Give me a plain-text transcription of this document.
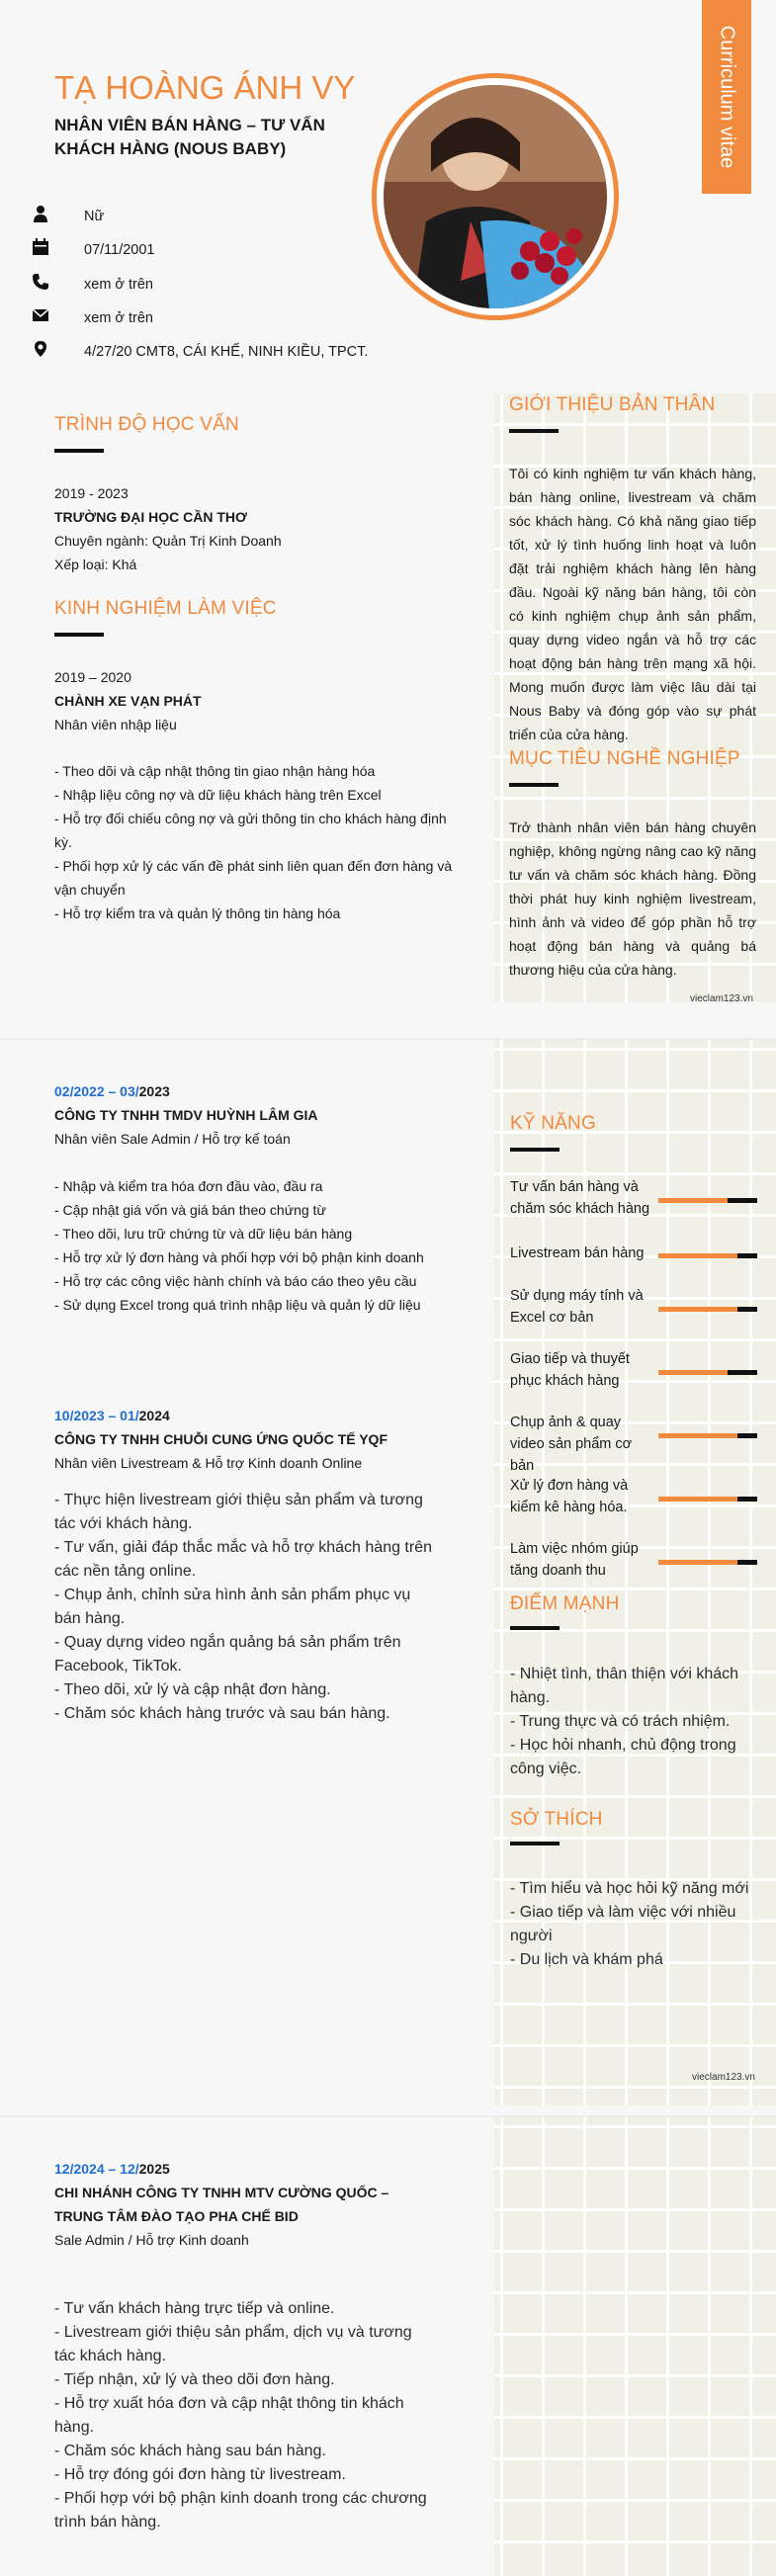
Curriculum vitae
TẠ HOÀNG ÁNH VY
NHÂN VIÊN BÁN HÀNG – TƯ VẤN
KHÁCH HÀNG (NOUS BABY)
Nữ
07/11/2001
xem ở trên
xem ở trên
4/27/20 CMT8, CÁI KHẾ, NINH KIỀU, TPCT.
TRÌNH ĐỘ HỌC VẤN
2019 - 2023
TRƯỜNG ĐẠI HỌC CẦN THƠ
Chuyên ngành: Quản Trị Kinh Doanh
Xếp loại: Khá
KINH NGHIỆM LÀM VIỆC
2019 – 2020
CHÀNH XE VẠN PHÁT
Nhân viên nhập liệu
- Theo dõi và cập nhật thông tin giao nhận hàng hóa
- Nhập liệu công nợ và dữ liệu khách hàng trên Excel
- Hỗ trợ đối chiếu công nợ và gửi thông tin cho khách hàng định kỳ.
- Phối hợp xử lý các vấn đề phát sinh liên quan đến đơn hàng và vận chuyển
- Hỗ trợ kiểm tra và quản lý thông tin hàng hóa
GIỚI THIỆU BẢN THÂN
Tôi có kinh nghiệm tư vấn khách hàng, bán hàng online, livestream và chăm sóc khách hàng. Có khả năng giao tiếp tốt, xử lý tình huống linh hoạt và luôn đặt trải nghiệm khách hàng lên hàng đầu. Ngoài kỹ năng bán hàng, tôi còn có kinh nghiệm chụp ảnh sản phẩm, quay dựng video ngắn và hỗ trợ các hoạt động bán hàng trên mạng xã hội. Mong muốn được làm việc lâu dài tại Nous Baby và đóng góp vào sự phát triển của cửa hàng.
MỤC TIÊU NGHỀ NGHIỆP
Trở thành nhân viên bán hàng chuyên nghiệp, không ngừng nâng cao kỹ năng tư vấn và chăm sóc khách hàng. Đồng thời phát huy kinh nghiệm livestream, hình ảnh và video để góp phần hỗ trợ hoạt động bán hàng và quảng bá thương hiệu của cửa hàng.
vieclam123.vn
02/2022 – 03/2023
CÔNG TY TNHH TMDV HUỲNH LÂM GIA
Nhân viên Sale Admin / Hỗ trợ kế toán
- Nhập và kiểm tra hóa đơn đầu vào, đầu ra
- Cập nhật giá vốn và giá bán theo chứng từ
- Theo dõi, lưu trữ chứng từ và dữ liệu bán hàng
- Hỗ trợ xử lý đơn hàng và phối hợp với bộ phận kinh doanh
- Hỗ trợ các công việc hành chính và báo cáo theo yêu cầu
- Sử dụng Excel trong quá trình nhập liệu và quản lý dữ liệu
10/2023 – 01/2024
CÔNG TY TNHH CHUỖI CUNG ỨNG QUỐC TẾ YQF
Nhân viên Livestream & Hỗ trợ Kinh doanh Online
- Thực hiện livestream giới thiệu sản phẩm và tương tác với khách hàng.
- Tư vấn, giải đáp thắc mắc và hỗ trợ khách hàng trên các nền tảng online.
- Chụp ảnh, chỉnh sửa hình ảnh sản phẩm phục vụ bán hàng.
- Quay dựng video ngắn quảng bá sản phẩm trên Facebook, TikTok.
- Theo dõi, xử lý và cập nhật đơn hàng.
- Chăm sóc khách hàng trước và sau bán hàng.
KỸ NĂNG
Tư vấn bán hàng và chăm sóc khách hàng
Livestream bán hàng
Sử dụng máy tính và Excel cơ bản
Giao tiếp và thuyết phục khách hàng
Chụp ảnh & quay video sản phẩm cơ bản
Xử lý đơn hàng và kiểm kê hàng hóa.
Làm việc nhóm giúp tăng doanh thu
ĐIỂM MẠNH
- Nhiệt tình, thân thiện với khách hàng.
- Trung thực và có trách nhiệm.
- Học hỏi nhanh, chủ động trong công việc.
SỞ THÍCH
- Tìm hiểu và học hỏi kỹ năng mới
- Giao tiếp và làm việc với nhiều người
- Du lịch và khám phá
vieclam123.vn
12/2024 – 12/2025
CHI NHÁNH CÔNG TY TNHH MTV CƯỜNG QUỐC –
TRUNG TÂM ĐÀO TẠO PHA CHẾ BID
Sale Admin / Hỗ trợ Kinh doanh
- Tư vấn khách hàng trực tiếp và online.
- Livestream giới thiệu sản phẩm, dịch vụ và tương tác khách hàng.
- Tiếp nhận, xử lý và theo dõi đơn hàng.
- Hỗ trợ xuất hóa đơn và cập nhật thông tin khách hàng.
- Chăm sóc khách hàng sau bán hàng.
- Hỗ trợ đóng gói đơn hàng từ livestream.
- Phối hợp với bộ phận kinh doanh trong các chương trình bán hàng.
